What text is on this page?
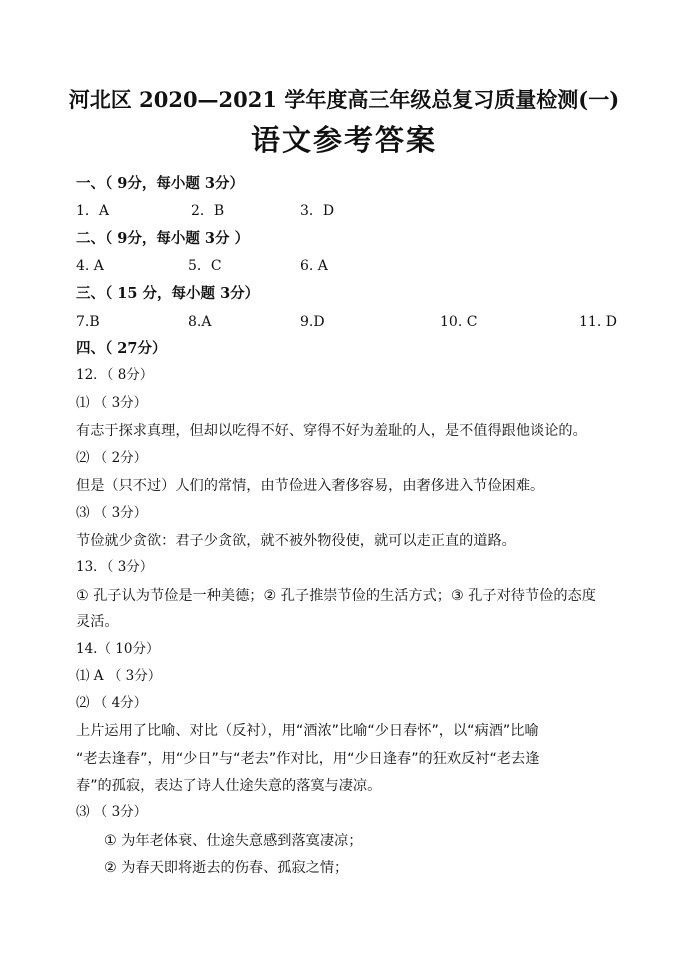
河北区 2020—2021 学年度高三年级总复习质量检测(一)
语文参考答案
一、（ 9分，每小题 3分）
1．A	2．B	3．D
二、（ 9分，每小题 3分 ）
4. A	5．C	6. A
三、（ 15 分，每小题 3分）
7.B	8.A	9.D	10. C	11. D
四、（ 27分）
12．（ 8分）
⑴ （ 3分）
有志于探求真理，但却以吃得不好、穿得不好为羞耻的人，是不值得跟他谈论的。
⑵ （ 2分）
但是（只不过）人们的常情，由节俭进入奢侈容易，由奢侈进入节俭困难。
⑶ （ 3分）
节俭就少贪欲：君子少贪欲，就不被外物役使，就可以走正直的道路。
13．（ 3分）
① 孔子认为节俭是一种美德；② 孔子推崇节俭的生活方式；③ 孔子对待节俭的态度
灵活。
14.（ 10分）
⑴ A （ 3分）
⑵ （ 4分）
上片运用了比喻、对比（反衬），用“酒浓”比喻“少日春怀”，以“病酒”比喻
“老去逢春”，用“少日”与“老去”作对比，用“少日逢春”的狂欢反衬“老去逢
春”的孤寂，表达了诗人仕途失意的落寞与凄凉。
⑶ （ 3分）
① 为年老体衰、仕途失意感到落寞凄凉；
② 为春天即将逝去的伤春、孤寂之情；
